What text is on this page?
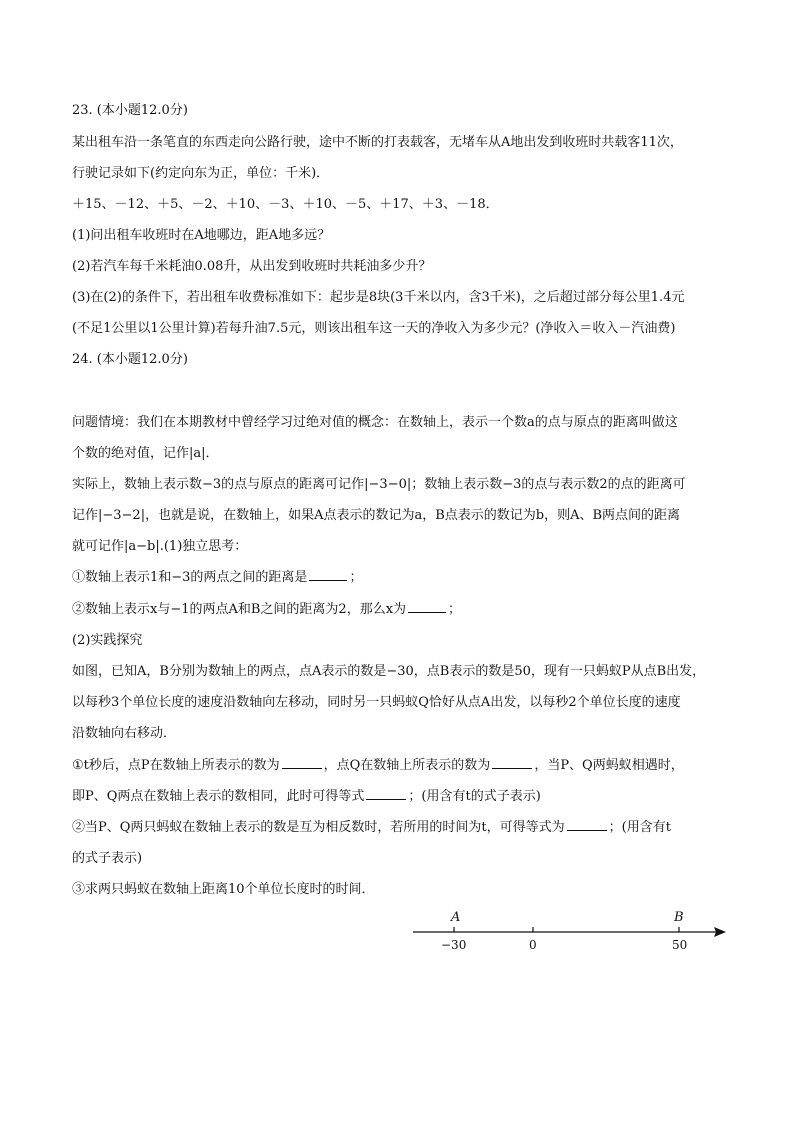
23. (本小题12.0分)
某出租车沿一条笔直的东西走向公路行驶，途中不断的打表载客，无堵车从A地出发到收班时共载客11次，
行驶记录如下(约定向东为正，单位：千米)．
＋15、－12、＋5、－2、＋10、－3、＋10、－5、＋17、＋3、－18．
(1)问出租车收班时在A地哪边，距A地多远？
(2)若汽车每千米耗油0.08升，从出发到收班时共耗油多少升？
(3)在(2)的条件下，若出租车收费标准如下：起步是8块(3千米以内，含3千米)，之后超过部分每公里1.4元
(不足1公里以1公里计算)若每升油7.5元，则该出租车这一天的净收入为多少元？(净收入＝收入－汽油费)
24. (本小题12.0分)
问题情境：我们在本期教材中曾经学习过绝对值的概念：在数轴上，表示一个数a的点与原点的距离叫做这
个数的绝对值，记作|a|．
实际上，数轴上表示数−3的点与原点的距离可记作|−3−0|；数轴上表示数−3的点与表示数2的点的距离可
记作|−3−2|，也就是说，在数轴上，如果A点表示的数记为a，B点表示的数记为b，则A、B两点间的距离
就可记作|a−b|.(1)独立思考：
①数轴上表示1和−3的两点之间的距离是	；
②数轴上表示x与−1的两点A和B之间的距离为2，那么x为	；
(2)实践探究
如图，已知A，B分别为数轴上的两点，点A表示的数是−30，点B表示的数是50，现有一只蚂蚁P从点B出发，
以每秒3个单位长度的速度沿数轴向左移动，同时另一只蚂蚁Q恰好从点A出发，以每秒2个单位长度的速度
沿数轴向右移动．
①t秒后，点P在数轴上所表示的数为	，点Q在数轴上所表示的数为	，当P、Q两蚂蚁相遇时，
即P、Q两点在数轴上表示的数相同，此时可得等式	；(用含有t的式子表示)
②当P、Q两只蚂蚁在数轴上表示的数是互为相反数时，若所用的时间为t，可得等式为	；(用含有t
的式子表示)
③求两只蚂蚁在数轴上距离10个单位长度时的时间．
A	B
−30	0	50
